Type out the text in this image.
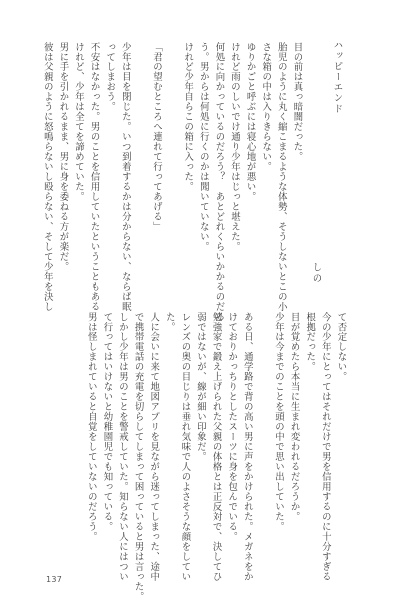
ハッピーエンド
しの
目の前は真っ暗闇だった。
胎児のように丸く縮こまるような体勢、そうしないとこの小
さな箱の中は入りきらない。
ゆりかごと呼ぶには寝心地が悪い。
けれど雨のしいでけ通り少年はじっと堪えた。
何処に向かっているのだろう？　あとどれくらいかかるのだろ
う。男からは何処に行くのかは聞いていない。
けれど少年自らこの箱に入った。
「君の望むところへ連れて行ってあげる」
少年は目を閉じた。いつ到着するかは分からない、ならば眠
ってしまおう。
不安はなかった。男のことを信用していたということもある
けれど、少年は全てを諦めていた。
男に手を引かれるまま、男に身を委ねる方が楽だ。
彼は父親のように怒鳴らないし殴らない、そして少年を決し
て否定しない。
今の少年にとってはそれだけで男を信用するのに十分すぎる
根拠だった。
目が覚めたら本当に生まれ変われるだろうか。
少年は今までのことを頭の中で思い出していた。
ある日、通学路で背の高い男に声をかけられた。メガネをか
けておりかっちりとしたスーツに身を包んでいる。
勉強家で鍛え上げられた父親の体格とは正反対で、決してひ
弱ではないが、線が細い印象だ。
レンズの奥の目じりは垂れ気味で人のよさそうな顔をしてい
た。
人に会いに来て地図アプリを見ながら迷ってしまった、途中
で携帯電話の充電を切らしてしまって困っていると男は言った。
しかし少年は男のことを警戒していた。知らない人にはつい
て行ってはいけないと幼稚園児でも知っている。
男は怪しまれていると自覚をしていないのだろう。
137
